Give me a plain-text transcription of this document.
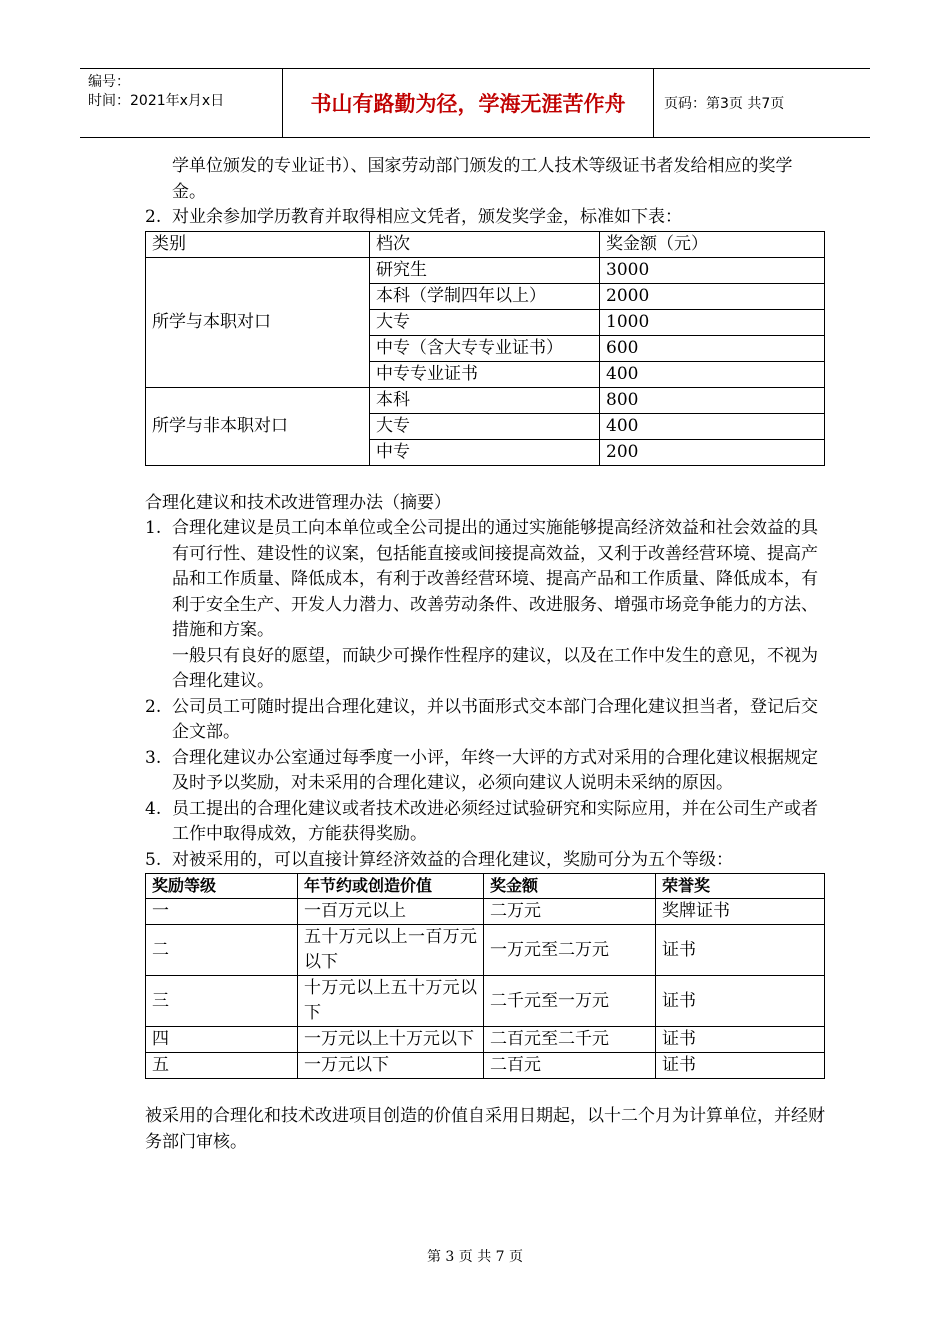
编号：
时间：2021年x月x日	书山有路勤为径，学海无涯苦作舟	页码：第3页 共7页
学单位颁发的专业证书）、国家劳动部门颁发的工人技术等级证书者发给相应的奖学金。
2. 对业余参加学历教育并取得相应文凭者，颁发奖学金，标准如下表：
类别	档次	奖金额（元）
所学与本职对口	研究生	3000
	本科（学制四年以上）	2000
	大专	1000
	中专（含大专专业证书）	600
	中专专业证书	400
所学与非本职对口	本科	800
	大专	400
	中专	200
合理化建议和技术改进管理办法（摘要）
1. 合理化建议是员工向本单位或全公司提出的通过实施能够提高经济效益和社会效益的具有可行性、建设性的议案，包括能直接或间接提高效益，又利于改善经营环境、提高产品和工作质量、降低成本，有利于改善经营环境、提高产品和工作质量、降低成本，有利于安全生产、开发人力潜力、改善劳动条件、改进服务、增强市场竞争能力的方法、措施和方案。
一般只有良好的愿望，而缺少可操作性程序的建议，以及在工作中发生的意见，不视为合理化建议。
2. 公司员工可随时提出合理化建议，并以书面形式交本部门合理化建议担当者，登记后交企文部。
3. 合理化建议办公室通过每季度一小评，年终一大评的方式对采用的合理化建议根据规定及时予以奖励，对未采用的合理化建议，必须向建议人说明未采纳的原因。
4. 员工提出的合理化建议或者技术改进必须经过试验研究和实际应用，并在公司生产或者工作中取得成效，方能获得奖励。
5. 对被采用的，可以直接计算经济效益的合理化建议，奖励可分为五个等级：
奖励等级	年节约或创造价值	奖金额	荣誉奖
一	一百万元以上	二万元	奖牌证书
二	五十万元以上一百万元以下	一万元至二万元	证书
三	十万元以上五十万元以下	二千元至一万元	证书
四	一万元以上十万元以下	二百元至二千元	证书
五	一万元以下	二百元	证书
被采用的合理化和技术改进项目创造的价值自采用日期起，以十二个月为计算单位，并经财务部门审核。
第 3 页 共 7 页
